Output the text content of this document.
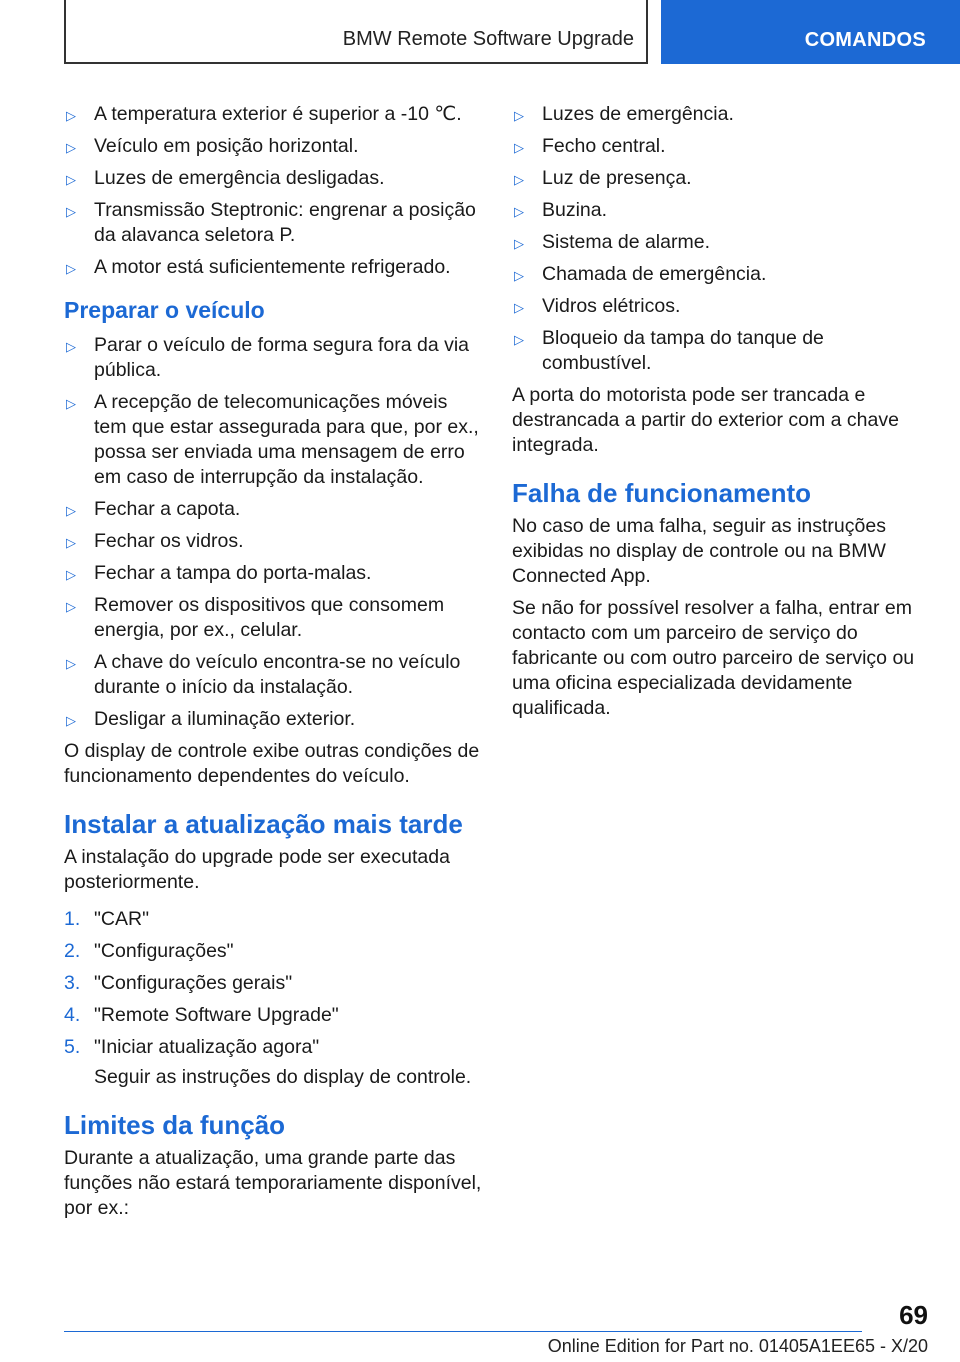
BMW Remote Software Upgrade	COMANDOS
▷ A temperatura exterior é superior a -10 ℃.
▷ Veículo em posição horizontal.
▷ Luzes de emergência desligadas.
▷ Transmissão Steptronic: engrenar a posição da alavanca seletora P.
▷ A motor está suficientemente refrigerado.
Preparar o veículo
▷ Parar o veículo de forma segura fora da via pública.
▷ A recepção de telecomunicações móveis tem que estar assegurada para que, por ex., possa ser enviada uma mensagem de erro em caso de interrupção da instalação.
▷ Fechar a capota.
▷ Fechar os vidros.
▷ Fechar a tampa do porta-malas.
▷ Remover os dispositivos que consomem energia, por ex., celular.
▷ A chave do veículo encontra-se no veículo durante o início da instalação.
▷ Desligar a iluminação exterior.

O display de controle exibe outras condições de funcionamento dependentes do veículo.

Instalar a atualização mais tarde

A instalação do upgrade pode ser executada posteriormente.

1. "CAR"
2. "Configurações"
3. "Configurações gerais"
4. "Remote Software Upgrade"
5. "Iniciar atualização agora"

Seguir as instruções do display de controle.

Limites da função

Durante a atualização, uma grande parte das funções não estará temporariamente disponível, por ex.:

▷ Luzes de emergência.
▷ Fecho central.
▷ Luz de presença.
▷ Buzina.
▷ Sistema de alarme.
▷ Chamada de emergência.
▷ Vidros elétricos.
▷ Bloqueio da tampa do tanque de combustível.

A porta do motorista pode ser trancada e destrancada a partir do exterior com a chave integrada.

Falha de funcionamento

No caso de uma falha, seguir as instruções exibidas no display de controle ou na BMW Connected App.

Se não for possível resolver a falha, entrar em contacto com um parceiro de serviço do fabricante ou com outro parceiro de serviço ou uma oficina especializada devidamente qualificada.

69
Online Edition for Part no. 01405A1EE65 - X/20
